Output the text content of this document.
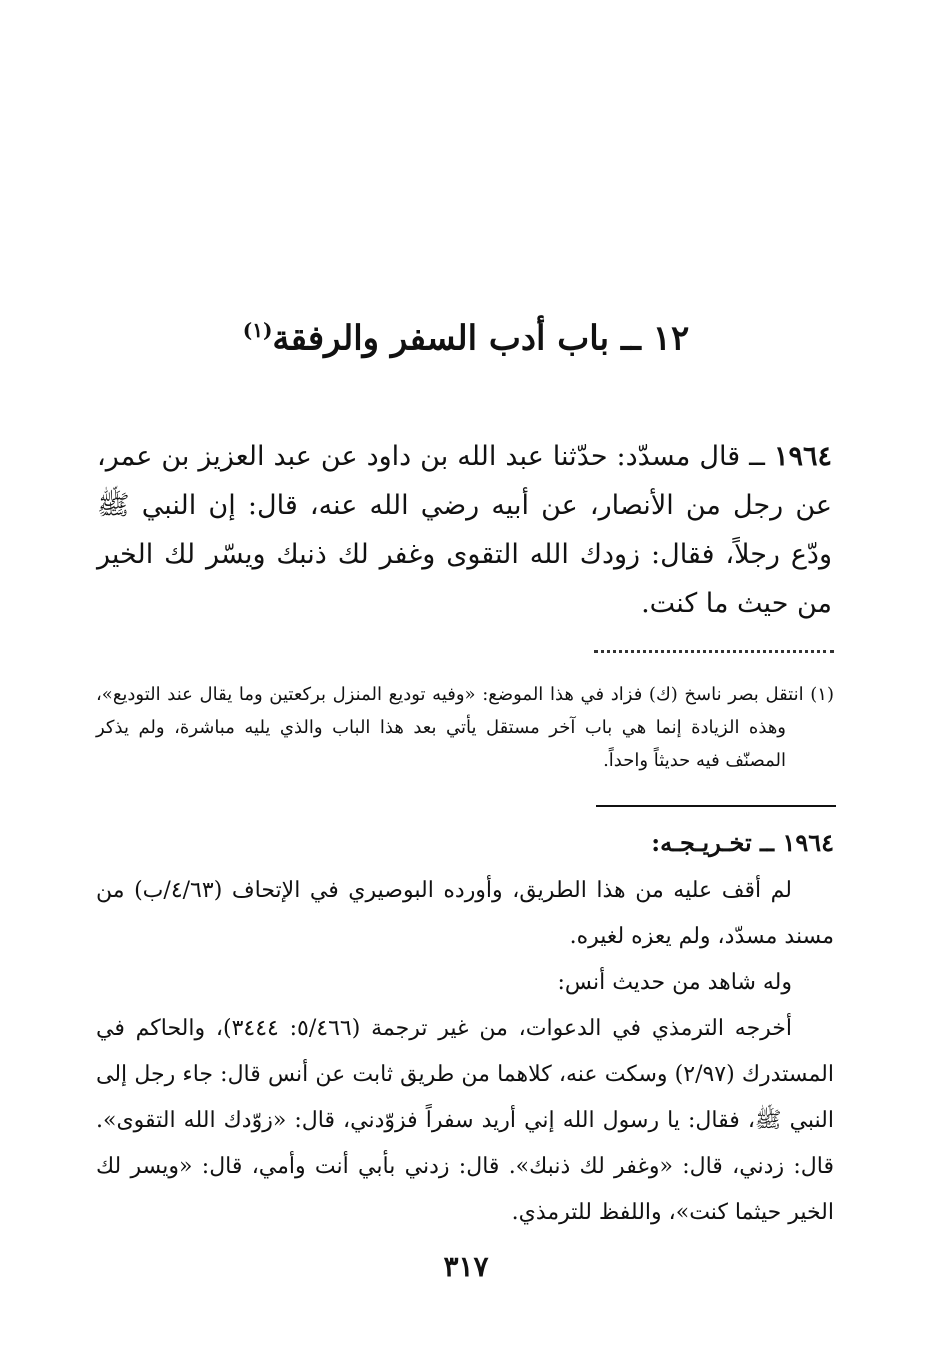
١٢ ــ باب أدب السفر والرفقة$^{(١)}$
١٩٦٤ ــ قال مسدّد: حدّثنا عبد الله بن داود عن عبد العزيز بن عمر، عن رجل من الأنصار، عن أبيه رضي الله عنه، قال: إن النبي ﷺ ودّع رجلاً، فقال: زودك الله التقوى وغفر لك ذنبك ويسّر لك الخير من حيث ما كنت.
(١) انتقل بصر ناسخ (ك) فزاد في هذا الموضع: «وفيه توديع المنزل بركعتين وما يقال عند التوديع»، وهذه الزيادة إنما هي باب آخر مستقل يأتي بعد هذا الباب والذي يليه مباشرة، ولم يذكر المصنّف فيه حديثاً واحداً.
١٩٦٤ ــ تخـريـجـه:

لم أقف عليه من هذا الطريق، وأورده البوصيري في الإتحاف (٤/٦٣/ب) من مسند مسدّد، ولم يعزه لغيره.

وله شاهد من حديث أنس:

أخرجه الترمذي في الدعوات، من غير ترجمة (٥/٤٦٦: ٣٤٤٤)، والحاكم في المستدرك (٢/٩٧) وسكت عنه، كلاهما من طريق ثابت عن أنس قال: جاء رجل إلى النبي ﷺ، فقال: يا رسول الله إني أريد سفراً فزوّدني، قال: «زوّدك الله التقوى». قال: زدني، قال: «وغفر لك ذنبك». قال: زدني بأبي أنت وأمي، قال: «ويسر لك الخير حيثما كنت»، واللفظ للترمذي.

٣١٧
